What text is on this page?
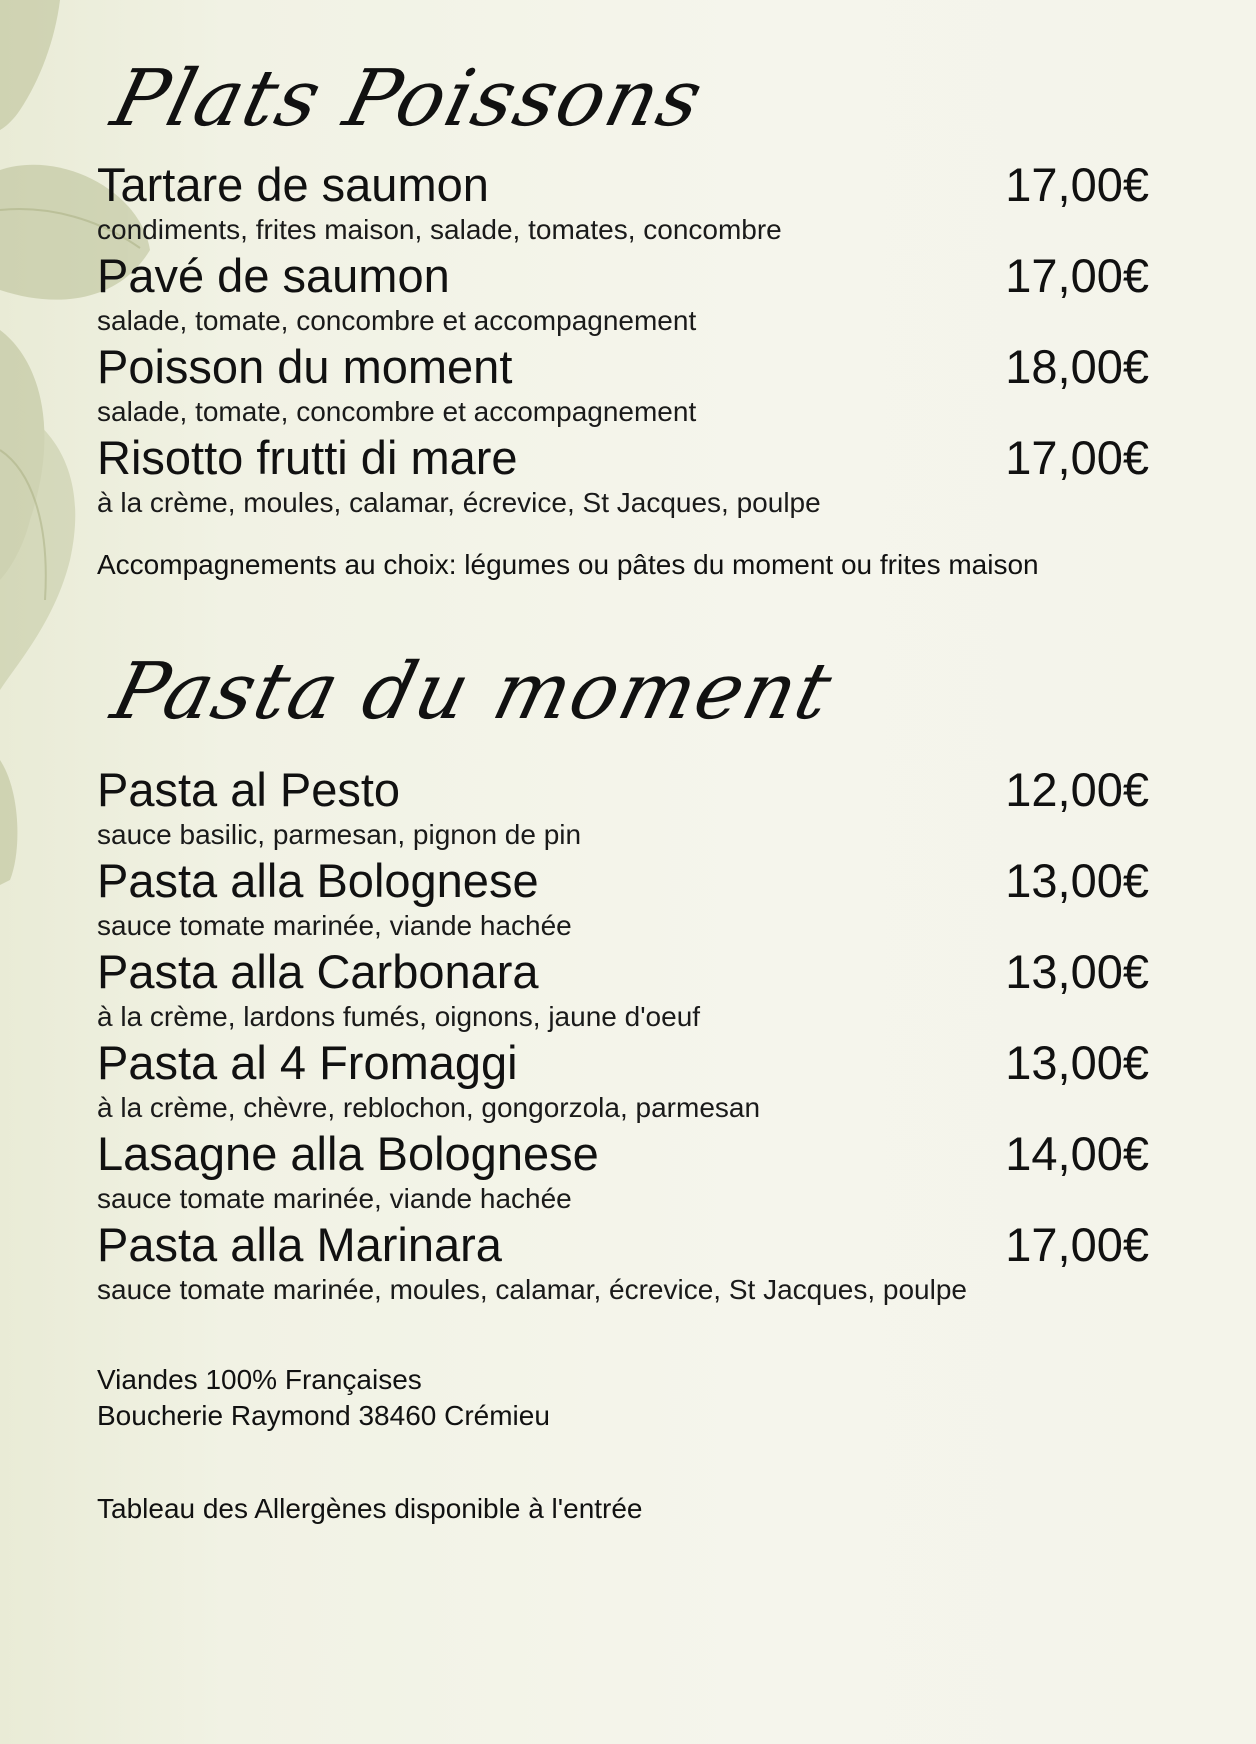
Plats Poissons
Tartare de saumon	17,00€
condiments, frites maison, salade, tomates, concombre
Pavé de saumon	17,00€
salade, tomate, concombre et accompagnement
Poisson du moment	18,00€
salade, tomate, concombre et accompagnement
Risotto frutti di mare	17,00€
à la crème, moules, calamar, écrevice, St Jacques, poulpe
Accompagnements au choix: légumes ou pâtes du moment ou frites maison
Pasta du moment
Pasta al Pesto	12,00€
sauce basilic, parmesan, pignon de pin
Pasta alla Bolognese	13,00€
sauce tomate marinée, viande hachée
Pasta alla Carbonara	13,00€
à la crème, lardons fumés, oignons, jaune d'oeuf
Pasta al 4 Fromaggi	13,00€
à la crème, chèvre, reblochon, gongorzola, parmesan
Lasagne alla Bolognese	14,00€
sauce tomate marinée, viande hachée
Pasta alla Marinara	17,00€
sauce tomate marinée, moules, calamar, écrevice, St Jacques, poulpe
Viandes 100% Françaises
Boucherie Raymond 38460 Crémieu
Tableau des Allergènes disponible à l'entrée
